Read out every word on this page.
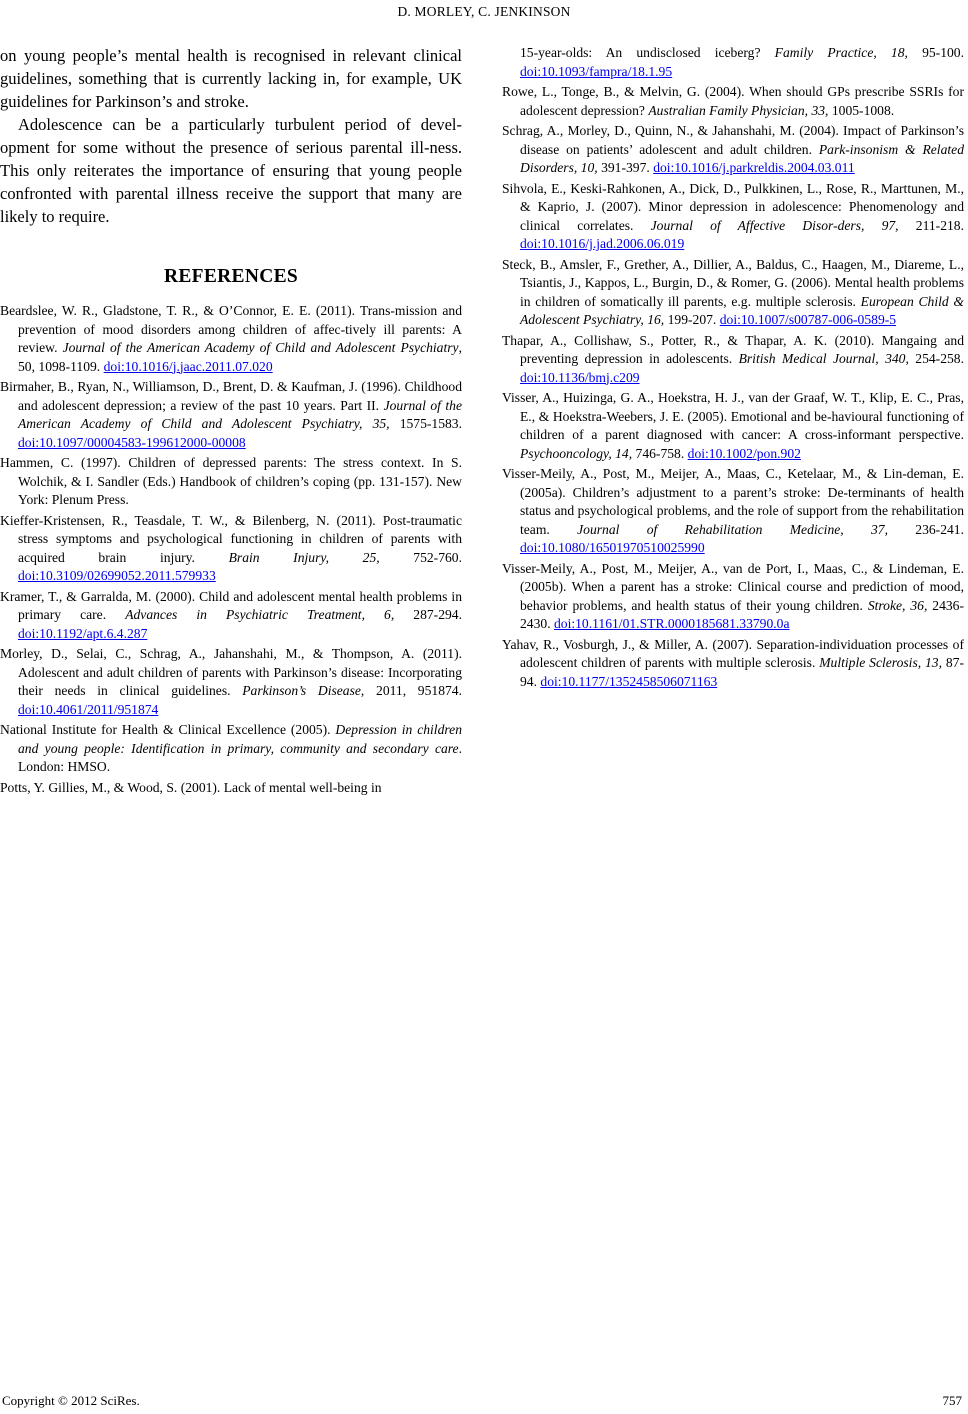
D. MORLEY, C. JENKINSON

on young people’s mental health is recognised in relevant clinical guidelines, something that is currently lacking in, for example, UK guidelines for Parkinson’s and stroke.

Adolescence can be a particularly turbulent period of devel-opment for some without the presence of serious parental ill-ness. This only reiterates the importance of ensuring that young people confronted with parental illness receive the support that many are likely to require.

REFERENCES

Beardslee, W. R., Gladstone, T. R., & O’Connor, E. E. (2011). Trans-mission and prevention of mood disorders among children of affec-tively ill parents: A review. Journal of the American Academy of Child and Adolescent Psychiatry, 50, 1098-1109. doi:10.1016/j.jaac.2011.07.020

Birmaher, B., Ryan, N., Williamson, D., Brent, D. & Kaufman, J. (1996). Childhood and adolescent depression; a review of the past 10 years. Part II. Journal of the American Academy of Child and Adolescent Psychiatry, 35, 1575-1583. doi:10.1097/00004583-199612000-00008

Hammen, C. (1997). Children of depressed parents: The stress context. In S. Wolchik, & I. Sandler (Eds.) Handbook of children’s coping (pp. 131-157). New York: Plenum Press.

Kieffer-Kristensen, R., Teasdale, T. W., & Bilenberg, N. (2011). Post-traumatic stress symptoms and psychological functioning in children of parents with acquired brain injury. Brain Injury, 25, 752-760. doi:10.3109/02699052.2011.579933

Kramer, T., & Garralda, M. (2000). Child and adolescent mental health problems in primary care. Advances in Psychiatric Treatment, 6, 287-294. doi:10.1192/apt.6.4.287

Morley, D., Selai, C., Schrag, A., Jahanshahi, M., & Thompson, A. (2011). Adolescent and adult children of parents with Parkinson’s disease: Incorporating their needs in clinical guidelines. Parkinson’s Disease, 2011, 951874. doi:10.4061/2011/951874

National Institute for Health & Clinical Excellence (2005). Depression in children and young people: Identification in primary, community and secondary care. London: HMSO.

Potts, Y. Gillies, M., & Wood, S. (2001). Lack of mental well-being in

15-year-olds: An undisclosed iceberg? Family Practice, 18, 95-100. doi:10.1093/fampra/18.1.95

Rowe, L., Tonge, B., & Melvin, G. (2004). When should GPs prescribe SSRIs for adolescent depression? Australian Family Physician, 33, 1005-1008.

Schrag, A., Morley, D., Quinn, N., & Jahanshahi, M. (2004). Impact of Parkinson’s disease on patients’ adolescent and adult children. Park-insonism & Related Disorders, 10, 391-397. doi:10.1016/j.parkreldis.2004.03.011

Sihvola, E., Keski-Rahkonen, A., Dick, D., Pulkkinen, L., Rose, R., Marttunen, M., & Kaprio, J. (2007). Minor depression in adolescence: Phenomenology and clinical correlates. Journal of Affective Disor-ders, 97, 211-218. doi:10.1016/j.jad.2006.06.019

Steck, B., Amsler, F., Grether, A., Dillier, A., Baldus, C., Haagen, M., Diareme, L., Tsiantis, J., Kappos, L., Burgin, D., & Romer, G. (2006). Mental health problems in children of somatically ill parents, e.g. multiple sclerosis. European Child & Adolescent Psychiatry, 16, 199-207. doi:10.1007/s00787-006-0589-5

Thapar, A., Collishaw, S., Potter, R., & Thapar, A. K. (2010). Mangaing and preventing depression in adolescents. British Medical Journal, 340, 254-258. doi:10.1136/bmj.c209

Visser, A., Huizinga, G. A., Hoekstra, H. J., van der Graaf, W. T., Klip, E. C., Pras, E., & Hoekstra-Weebers, J. E. (2005). Emotional and be-havioural functioning of children of a parent diagnosed with cancer: A cross-informant perspective. Psychooncology, 14, 746-758. doi:10.1002/pon.902

Visser-Meily, A., Post, M., Meijer, A., Maas, C., Ketelaar, M., & Lin-deman, E. (2005a). Children’s adjustment to a parent’s stroke: De-terminants of health status and psychological problems, and the role of support from the rehabilitation team. Journal of Rehabilitation Medicine, 37, 236-241. doi:10.1080/16501970510025990

Visser-Meily, A., Post, M., Meijer, A., van de Port, I., Maas, C., & Lindeman, E. (2005b). When a parent has a stroke: Clinical course and prediction of mood, behavior problems, and health status of their young children. Stroke, 36, 2436-2430. doi:10.1161/01.STR.0000185681.33790.0a

Yahav, R., Vosburgh, J., & Miller, A. (2007). Separation-individuation processes of adolescent children of parents with multiple sclerosis. Multiple Sclerosis, 13, 87-94. doi:10.1177/1352458506071163

Copyright © 2012 SciRes.	757
